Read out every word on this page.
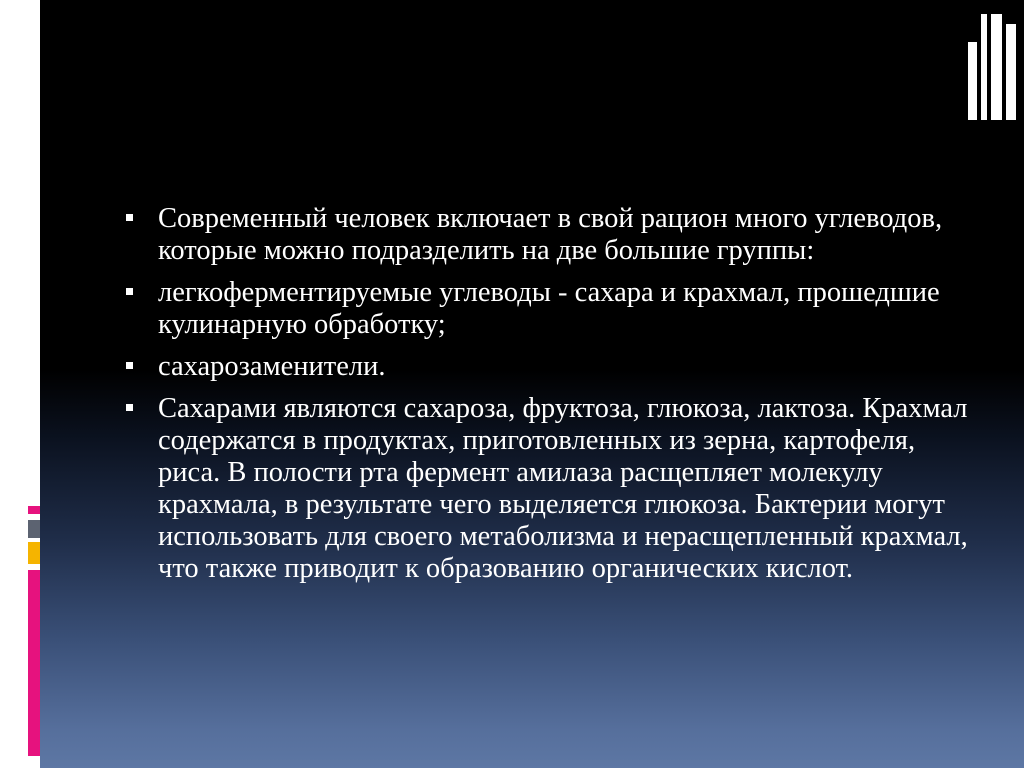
Современный человек включает в свой рацион много углеводов, которые можно подразделить на две большие группы:
легкоферментируемые углеводы - сахара и крахмал, прошедшие кулинарную обработку;
сахарозаменители.
Сахарами являются сахароза, фруктоза, глюкоза, лактоза. Крахмал содержатся в продуктах, приготовленных из зерна, картофеля, риса. В полости рта фермент амилаза расщепляет молекулу крахмала, в результате чего выделяется глюкоза. Бактерии могут использовать для своего метаболизма и нерасщепленный крахмал, что также приводит к образованию органических кислот.
